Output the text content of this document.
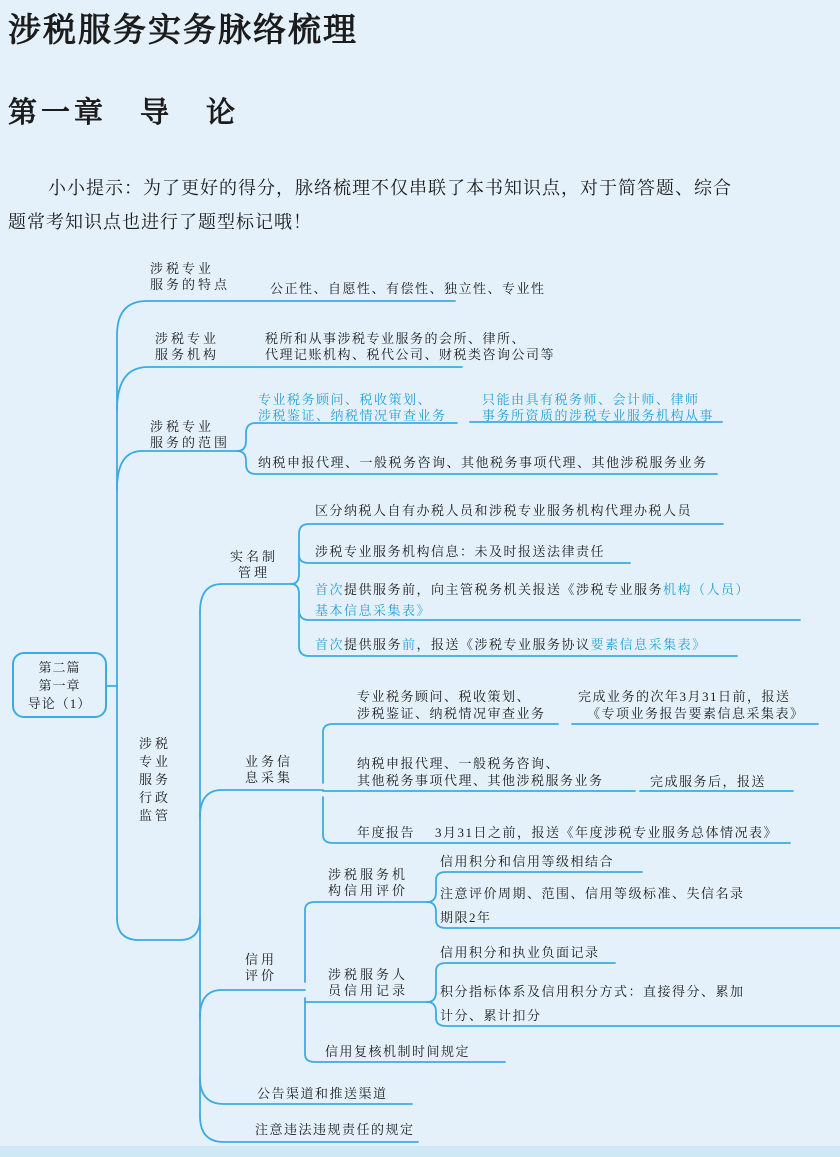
涉税服务实务脉络梳理
第一章　导　论
小小提示：为了更好的得分，脉络梳理不仅串联了本书知识点，对于简答题、综合
题常考知识点也进行了题型标记哦！
第二篇
第一章
导论（1）
涉税专业
服务的特点	公正性、自愿性、有偿性、独立性、专业性
涉税专业
服务机构
税所和从事涉税专业服务的会所、律所、
代理记账机构、税代公司、财税类咨询公司等
涉税专业
服务的范围
专业税务顾问、税收策划、
涉税鉴证、纳税情况审查业务
只能由具有税务师、会计师、律师
事务所资质的涉税专业服务机构从事
纳税申报代理、一般税务咨询、其他税务事项代理、其他涉税服务业务
涉税
专业
服务
行政
监管
实名制
管理
区分纳税人自有办税人员和涉税专业服务机构代理办税人员
涉税专业服务机构信息：未及时报送法律责任
首次提供服务前，向主管税务机关报送《涉税专业服务机构（人员）
基本信息采集表》
首次提供服务前，报送《涉税专业服务协议要素信息采集表》
业务信
息采集
专业税务顾问、税收策划、
涉税鉴证、纳税情况审查业务
完成业务的次年3月31日前，报送
《专项业务报告要素信息采集表》
纳税申报代理、一般税务咨询、
其他税务事项代理、其他涉税服务业务	完成服务后，报送
年度报告 3月31日之前，报送《年度涉税专业服务总体情况表》
信用
评价
涉税服务机
构信用评价
信用积分和信用等级相结合
注意评价周期、范围、信用等级标准、失信名录
期限2年
涉税服务人
员信用记录
信用积分和执业负面记录
积分指标体系及信用积分方式：直接得分、累加
计分、累计扣分
信用复核机制时间规定
公告渠道和推送渠道
注意违法违规责任的规定
